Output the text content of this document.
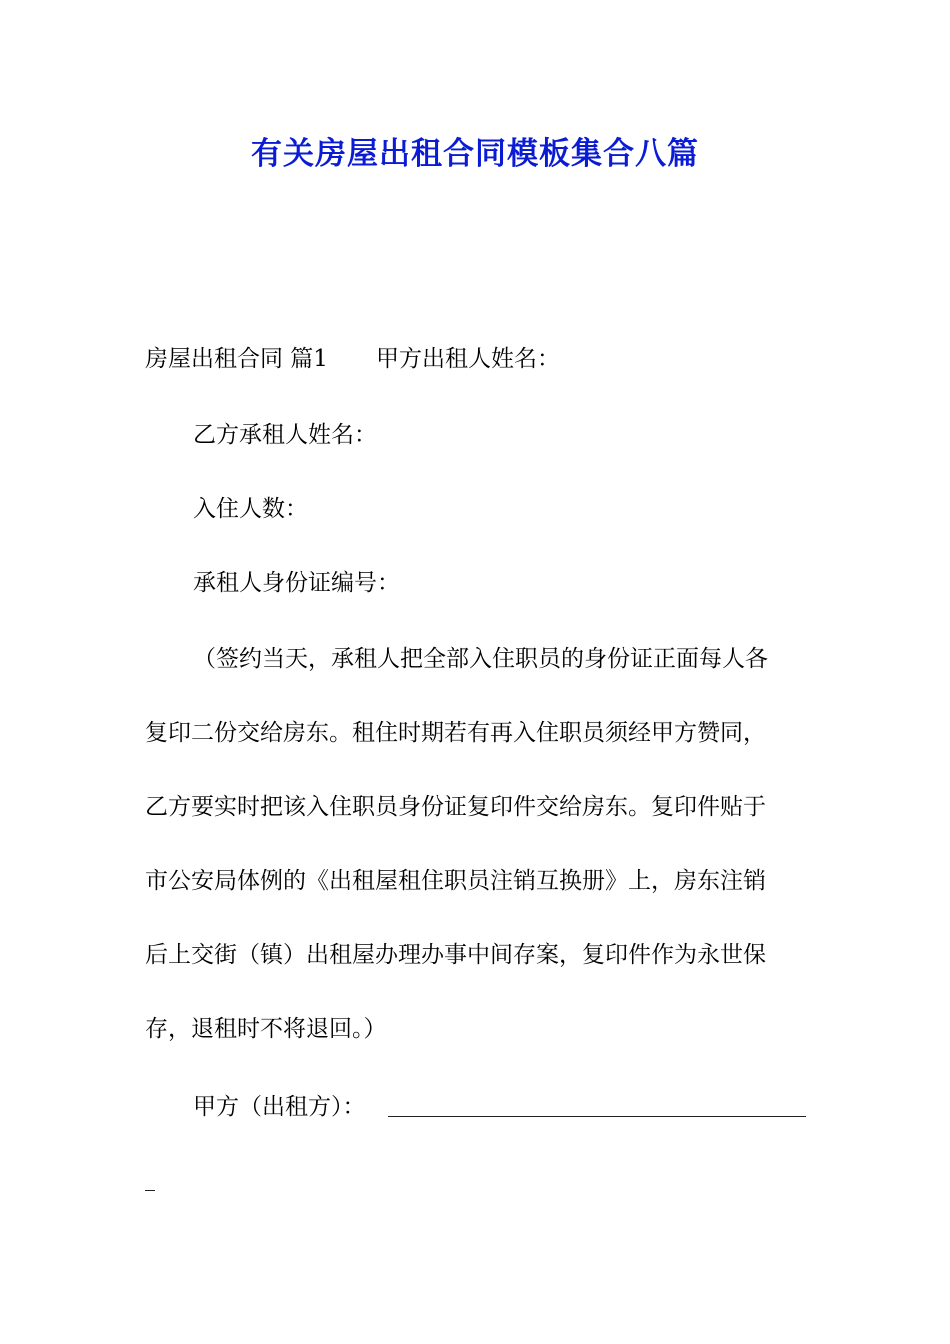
有关房屋出租合同模板集合八篇

房屋出租合同 篇1 甲方出租人姓名：

乙方承租人姓名：

入住人数：

承租人身份证编号：

（签约当天，承租人把全部入住职员的身份证正面每人各

复印二份交给房东。租住时期若有再入住职员须经甲方赞同，

乙方要实时把该入住职员身份证复印件交给房东。复印件贴于

市公安局体例的《出租屋租住职员注销互换册》上，房东注销

后上交街（镇）出租屋办理办事中间存案，复印件作为永世保

存，退租时不将退回。）

甲方（出租方）：
